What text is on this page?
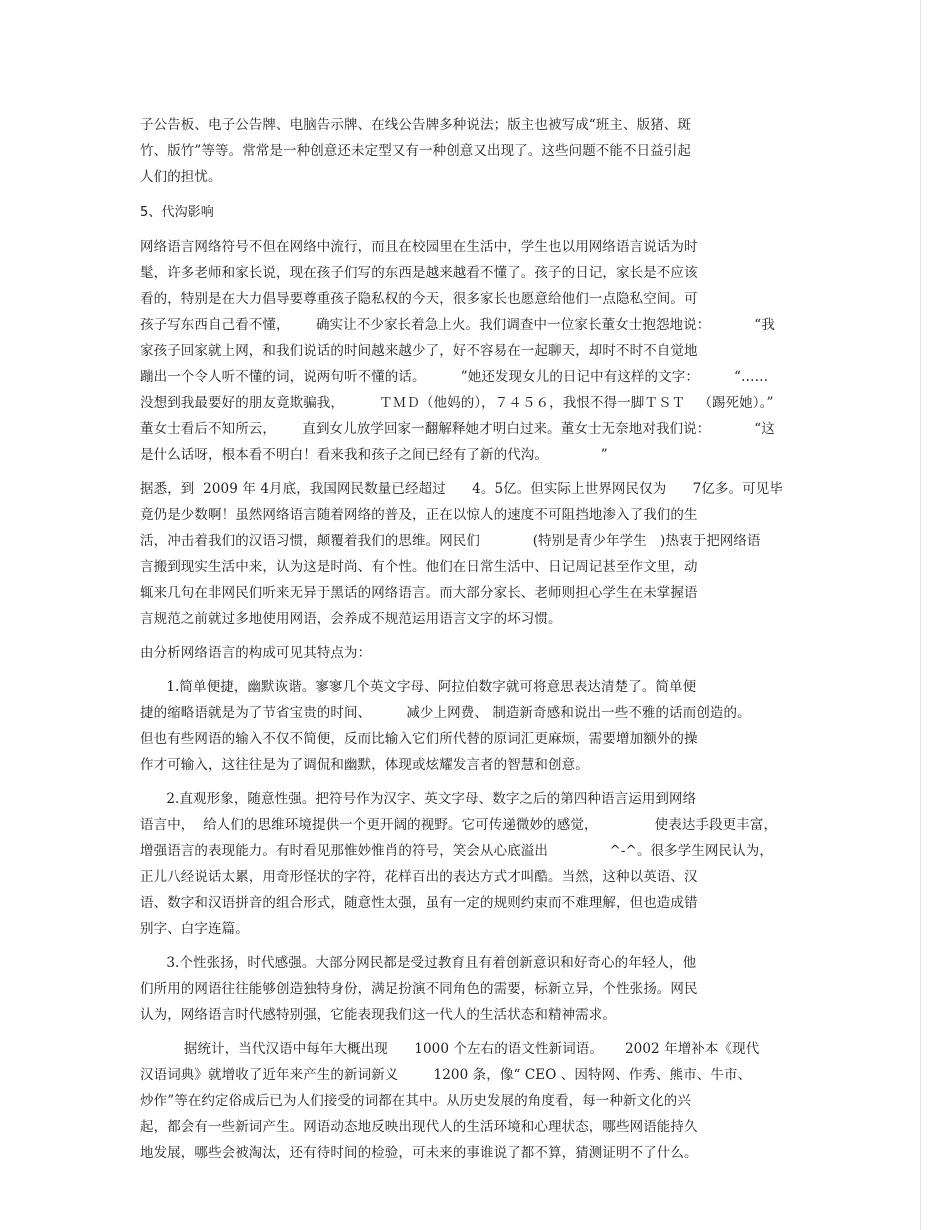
子公告板、电子公告牌、电脑告示牌、在线公告牌多种说法；版主也被写成“班主、版猪、斑
竹、版竹”等等。常常是一种创意还未定型又有一种创意又出现了。这些问题不能不日益引起
人们的担忧。
5、代沟影响
网络语言网络符号不但在网络中流行，而且在校园里在生活中，学生也以用网络语言说话为时
髦，许多老师和家长说，现在孩子们写的东西是越来越看不懂了。孩子的日记，家长是不应该
看的，特别是在大力倡导要尊重孩子隐私权的今天，很多家长也愿意给他们一点隐私空间。可
孩子写东西自己看不懂，      确实让不少家长着急上火。我们调查中一位家长董女士抱怨地说：          “我
家孩子回家就上网，和我们说话的时间越来越少了，好不容易在一起聊天，却时不时不自觉地
蹦出一个令人听不懂的词，说两句听不懂的话。        ”她还发现女儿的日记中有这样的文字：        “……
没想到我最要好的朋友竟欺骗我，        ＴＭＤ（他妈的），７４５６，我恨不得一脚ＴＳＴ   （踢死她）。”
董女士看后不知所云，      直到女儿放学回家一翻解释她才明白过来。董女士无奈地对我们说：          “这
是什么话呀，根本看不明白！看来我和孩子之间已经有了新的代沟。            ”
据悉，到  2009 年 4月底，我国网民数量已经超过      4。5亿。但实际上世界网民仅为      7亿多。可见毕
竟仍是少数啊！虽然网络语言随着网络的普及，正在以惊人的速度不可阻挡地渗入了我们的生
活，冲击着我们的汉语习惯，颠覆着我们的思维。网民们            (特别是青少年学生   )热衷于把网络语
言搬到现实生活中来，认为这是时尚、有个性。他们在日常生活中、日记周记甚至作文里，动
辄来几句在非网民们听来无异于黑话的网络语言。而大部分家长、老师则担心学生在未掌握语
言规范之前就过多地使用网语，会养成不规范运用语言文字的坏习惯。
由分析网络语言的构成可见其特点为：
1.简单便捷，幽默诙谐。寥寥几个英文字母、阿拉伯数字就可将意思表达清楚了。简单便
捷的缩略语就是为了节省宝贵的时间、        减少上网费、 制造新奇感和说出一些不雅的话而创造的。
但也有些网语的输入不仅不简便，反而比输入它们所代替的原词汇更麻烦，需要增加额外的操
作才可输入，这往往是为了调侃和幽默，体现或炫耀发言者的智慧和创意。
2.直观形象，随意性强。把符号作为汉字、英文字母、数字之后的第四种语言运用到网络
语言中，  给人们的思维环境提供一个更开阔的视野。它可传递微妙的感觉，             使表达手段更丰富，
增强语言的表现能力。有时看见那惟妙惟肖的符号，笑会从心底溢出              ^-^。很多学生网民认为，
正儿八经说话太累，用奇形怪状的字符，花样百出的表达方式才叫酷。当然，这种以英语、汉
语、数字和汉语拼音的组合形式，随意性太强，虽有一定的规则约束而不难理解，但也造成错
别字、白字连篇。
3.个性张扬，时代感强。大部分网民都是受过教育且有着创新意识和好奇心的年轻人，他
们所用的网语往往能够创造独特身份，满足扮演不同角色的需要，标新立异，个性张扬。网民
认为，网络语言时代感特别强，它能表现我们这一代人的生活状态和精神需求。
据统计，当代汉语中每年大概出现      1000 个左右的语文性新词语。     2002 年增补本《现代
汉语词典》就增收了近年来产生的新词新义        1200 条，像“ CEO 、因特网、作秀、熊市、牛市、
炒作”等在约定俗成后已为人们接受的词都在其中。从历史发展的角度看，每一种新文化的兴
起，都会有一些新词产生。网语动态地反映出现代人的生活环境和心理状态，哪些网语能持久
地发展，哪些会被淘汰，还有待时间的检验，可未来的事谁说了都不算，猜测证明不了什么。
